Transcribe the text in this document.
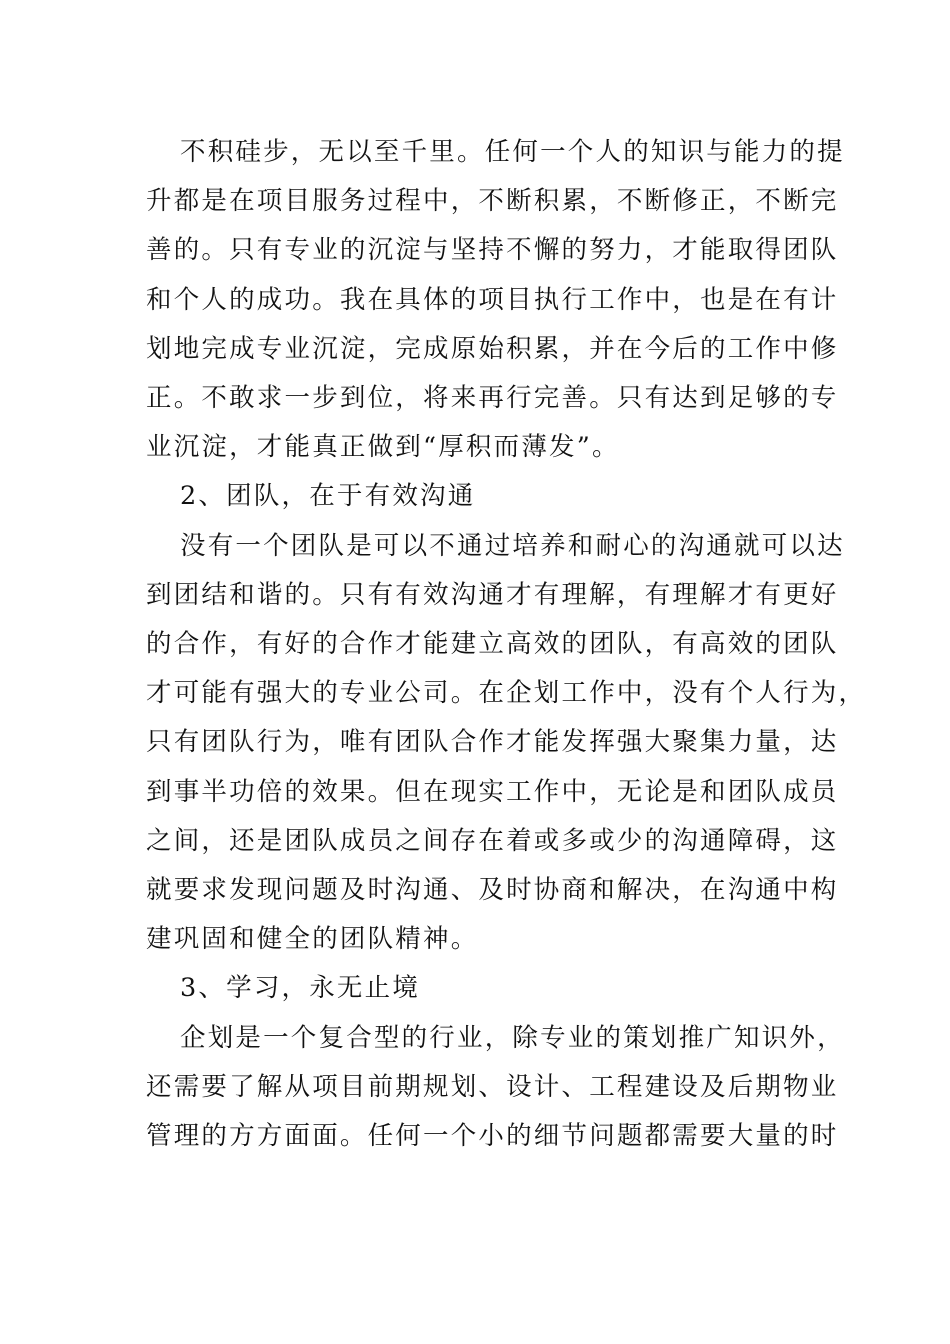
不积硅步，无以至千里。任何一个人的知识与能力的提
升都是在项目服务过程中，不断积累，不断修正，不断完
善的。只有专业的沉淀与坚持不懈的努力，才能取得团队
和个人的成功。我在具体的项目执行工作中，也是在有计
划地完成专业沉淀，完成原始积累，并在今后的工作中修
正。不敢求一步到位，将来再行完善。只有达到足够的专
业沉淀，才能真正做到“厚积而薄发”。

2、团队，在于有效沟通

没有一个团队是可以不通过培养和耐心的沟通就可以达
到团结和谐的。只有有效沟通才有理解，有理解才有更好
的合作，有好的合作才能建立高效的团队，有高效的团队
才可能有强大的专业公司。在企划工作中，没有个人行为，
只有团队行为，唯有团队合作才能发挥强大聚集力量，达
到事半功倍的效果。但在现实工作中，无论是和团队成员
之间，还是团队成员之间存在着或多或少的沟通障碍，这
就要求发现问题及时沟通、及时协商和解决，在沟通中构
建巩固和健全的团队精神。

3、学习，永无止境

企划是一个复合型的行业，除专业的策划推广知识外，
还需要了解从项目前期规划、设计、工程建设及后期物业
管理的方方面面。任何一个小的细节问题都需要大量的时
